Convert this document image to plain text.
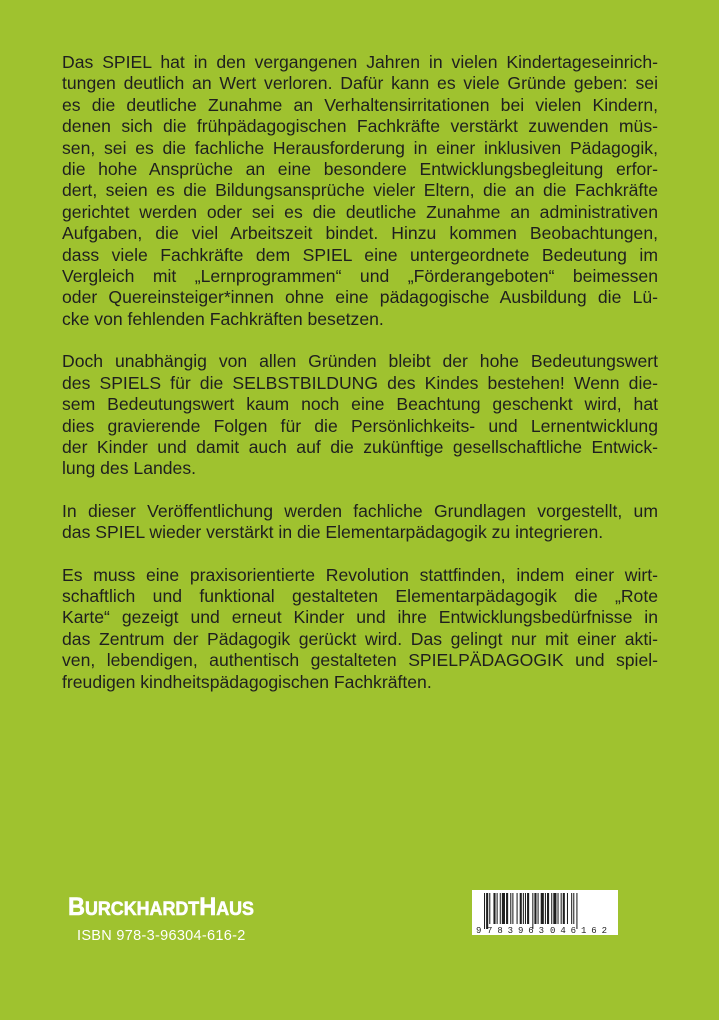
Das SPIEL hat in den vergangenen Jahren in vielen Kindertageseinrich-
tungen deutlich an Wert verloren. Dafür kann es viele Gründe geben: sei
es die deutliche Zunahme an Verhaltensirritationen bei vielen Kindern,
denen sich die frühpädagogischen Fachkräfte verstärkt zuwenden müs-
sen, sei es die fachliche Herausforderung in einer inklusiven Pädagogik,
die hohe Ansprüche an eine besondere Entwicklungsbegleitung erfor-
dert, seien es die Bildungsansprüche vieler Eltern, die an die Fachkräfte
gerichtet werden oder sei es die deutliche Zunahme an administrativen
Aufgaben, die viel Arbeitszeit bindet. Hinzu kommen Beobachtungen,
dass viele Fachkräfte dem SPIEL eine untergeordnete Bedeutung im
Vergleich mit „Lernprogrammen“ und „Förderangeboten“ beimessen
oder Quereinsteiger*innen ohne eine pädagogische Ausbildung die Lü-
cke von fehlenden Fachkräften besetzen.

Doch unabhängig von allen Gründen bleibt der hohe Bedeutungswert
des SPIELS für die SELBSTBILDUNG des Kindes bestehen! Wenn die-
sem Bedeutungswert kaum noch eine Beachtung geschenkt wird, hat
dies gravierende Folgen für die Persönlichkeits- und Lernentwicklung
der Kinder und damit auch auf die zukünftige gesellschaftliche Entwick-
lung des Landes.

In dieser Veröffentlichung werden fachliche Grundlagen vorgestellt, um
das SPIEL wieder verstärkt in die Elementarpädagogik zu integrieren.

Es muss eine praxisorientierte Revolution stattfinden, indem einer wirt-
schaftlich und funktional gestalteten Elementarpädagogik die „Rote
Karte“ gezeigt und erneut Kinder und ihre Entwicklungsbedürfnisse in
das Zentrum der Pädagogik gerückt wird. Das gelingt nur mit einer akti-
ven, lebendigen, authentisch gestalteten SPIELPÄDAGOGIK und spiel-
freudigen kindheitspädagogischen Fachkräften.

BURCKHARDTHAUS
ISBN 978-3-96304-616-2	9 783963 046162
